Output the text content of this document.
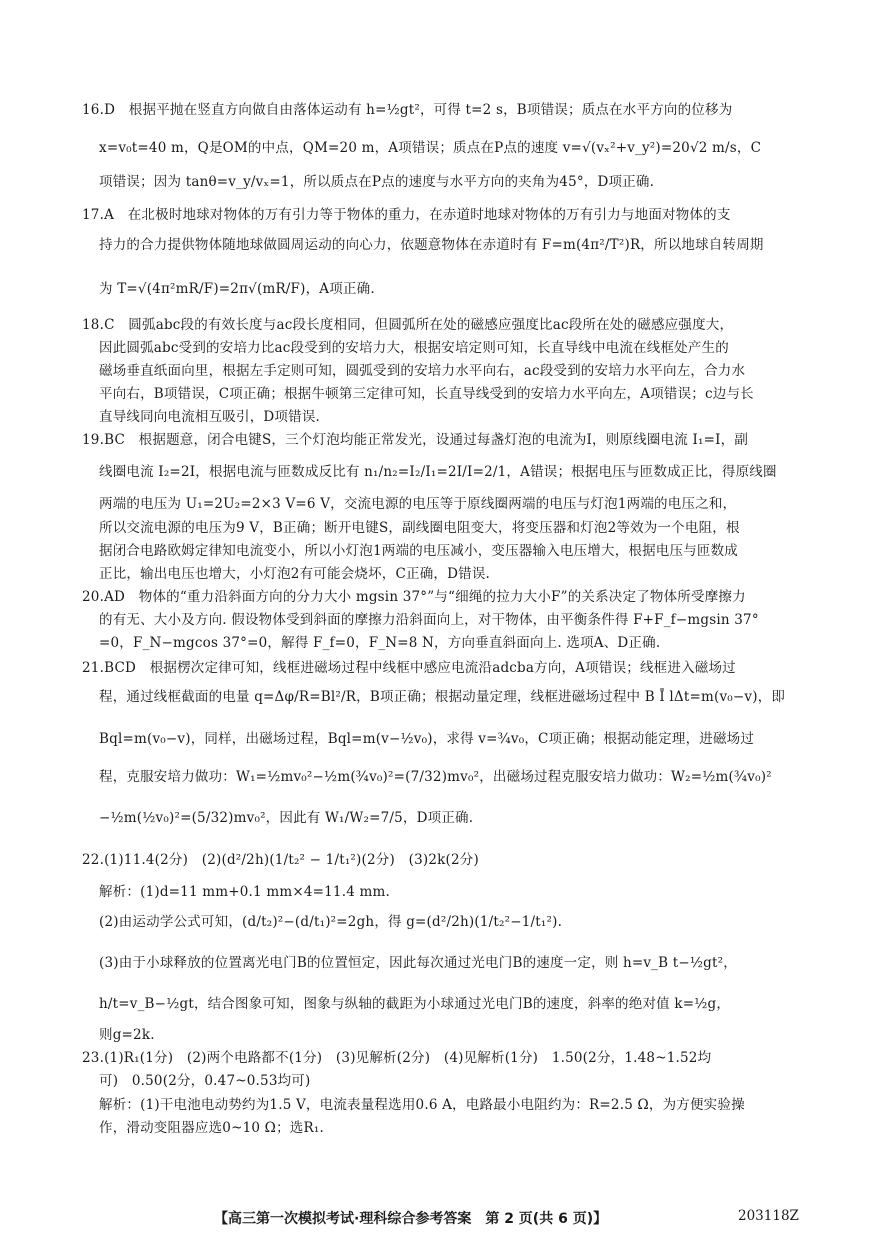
16.D　根据平抛在竖直方向做自由落体运动有 h=½gt²，可得 t=2 s，B项错误；质点在水平方向的位移为
x=v₀t=40 m，Q是OM的中点，QM=20 m，A项错误；质点在P点的速度 v=√(vₓ²+v_y²)=20√2 m/s，C
项错误；因为 tanθ=v_y/vₓ=1，所以质点在P点的速度与水平方向的夹角为45°，D项正确.
17.A　在北极时地球对物体的万有引力等于物体的重力，在赤道时地球对物体的万有引力与地面对物体的支
持力的合力提供物体随地球做圆周运动的向心力，依题意物体在赤道时有 F=m(4π²/T²)R，所以地球自转周期
为 T=√(4π²mR/F)=2π√(mR/F)，A项正确.
18.C　圆弧abc段的有效长度与ac段长度相同，但圆弧所在处的磁感应强度比ac段所在处的磁感应强度大，
因此圆弧abc受到的安培力比ac段受到的安培力大，根据安培定则可知，长直导线中电流在线框处产生的
磁场垂直纸面向里，根据左手定则可知，圆弧受到的安培力水平向右，ac段受到的安培力水平向左，合力水
平向右，B项错误，C项正确；根据牛顿第三定律可知，长直导线受到的安培力水平向左，A项错误；c边与长
直导线同向电流相互吸引，D项错误.
19.BC　根据题意，闭合电键S，三个灯泡均能正常发光，设通过每盏灯泡的电流为I，则原线圈电流 I₁=I，副
线圈电流 I₂=2I，根据电流与匝数成反比有 n₁/n₂=I₂/I₁=2I/I=2/1，A错误；根据电压与匝数成正比，得原线圈
两端的电压为 U₁=2U₂=2×3 V=6 V，交流电源的电压等于原线圈两端的电压与灯泡1两端的电压之和，
所以交流电源的电压为9 V，B正确；断开电键S，副线圈电阻变大，将变压器和灯泡2等效为一个电阻，根
据闭合电路欧姆定律知电流变小，所以小灯泡1两端的电压减小，变压器输入电压增大，根据电压与匝数成
正比，输出电压也增大，小灯泡2有可能会烧坏，C正确，D错误.
20.AD　物体的“重力沿斜面方向的分力大小 mgsin 37°”与“细绳的拉力大小F”的关系决定了物体所受摩擦力
的有无、大小及方向. 假设物体受到斜面的摩擦力沿斜面向上，对干物体，由平衡条件得 F+F_f−mgsin 37°
=0，F_N−mgcos 37°=0，解得 F_f=0，F_N=8 N，方向垂直斜面向上. 选项A、D正确.
21.BCD　根据楞次定律可知，线框进磁场过程中线框中感应电流沿adcba方向，A项错误；线框进入磁场过
程，通过线框截面的电量 q=Δφ/R=Bl²/R，B项正确；根据动量定理，线框进磁场过程中 B Ī lΔt=m(v₀−v)，即
Bql=m(v₀−v)，同样，出磁场过程，Bql=m(v−½v₀)，求得 v=¾v₀，C项正确；根据动能定理，进磁场过
程，克服安培力做功：W₁=½mv₀²−½m(¾v₀)²=(7/32)mv₀²，出磁场过程克服安培力做功：W₂=½m(¾v₀)²
−½m(½v₀)²=(5/32)mv₀²，因此有 W₁/W₂=7/5，D项正确.
22.(1)11.4(2分)　(2)(d²/2h)(1/t₂² − 1/t₁²)(2分)　(3)2k(2分)
解析：(1)d=11 mm+0.1 mm×4=11.4 mm.
(2)由运动学公式可知，(d/t₂)²−(d/t₁)²=2gh，得 g=(d²/2h)(1/t₂²−1/t₁²).
(3)由于小球释放的位置离光电门B的位置恒定，因此每次通过光电门B的速度一定，则 h=v_B t−½gt²，
h/t=v_B−½gt，结合图象可知，图象与纵轴的截距为小球通过光电门B的速度，斜率的绝对值 k=½g，
则g=2k.
23.(1)R₁(1分)　(2)两个电路都不(1分)　(3)见解析(2分)　(4)见解析(1分)　1.50(2分，1.48~1.52均
可)　0.50(2分，0.47~0.53均可)
解析：(1)干电池电动势约为1.5 V，电流表量程选用0.6 A，电路最小电阻约为：R=2.5 Ω，为方便实验操
作，滑动变阻器应选0~10 Ω；选R₁.
【高三第一次模拟考试·理科综合参考答案　第 2 页(共 6 页)】	203118Z
